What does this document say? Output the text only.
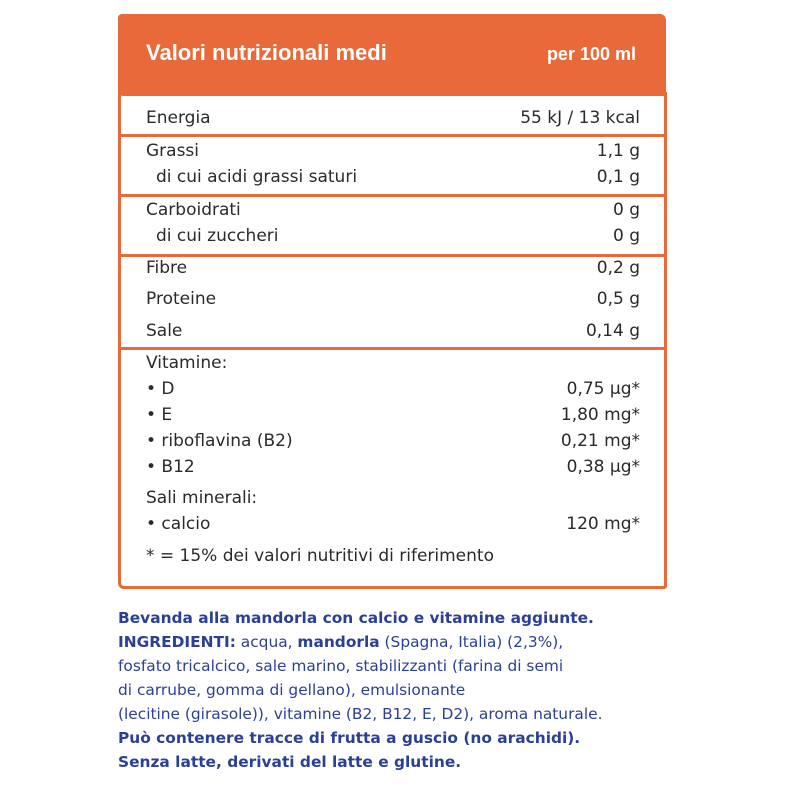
Valori nutrizionali medi	per 100 ml
Energia	55 kJ / 13 kcal
Grassi	1,1 g
di cui acidi grassi saturi	0,1 g
Carboidrati	0 g
di cui zuccheri	0 g
Fibre	0,2 g
Proteine	0,5 g
Sale	0,14 g
Vitamine:
• D	0,75 µg*
• E	1,80 mg*
• riboflavina (B2)	0,21 mg*
• B12	0,38 µg*
Sali minerali:
• calcio	120 mg*
* = 15% dei valori nutritivi di riferimento

Bevanda alla mandorla con calcio e vitamine aggiunte.

INGREDIENTI: acqua, mandorla (Spagna, Italia) (2,3%),

fosfato tricalcico, sale marino, stabilizzanti (farina di semi

di carrube, gomma di gellano), emulsionante

(lecitine (girasole)), vitamine (B2, B12, E, D2), aroma naturale.

Può contenere tracce di frutta a guscio (no arachidi).

Senza latte, derivati del latte e glutine.
